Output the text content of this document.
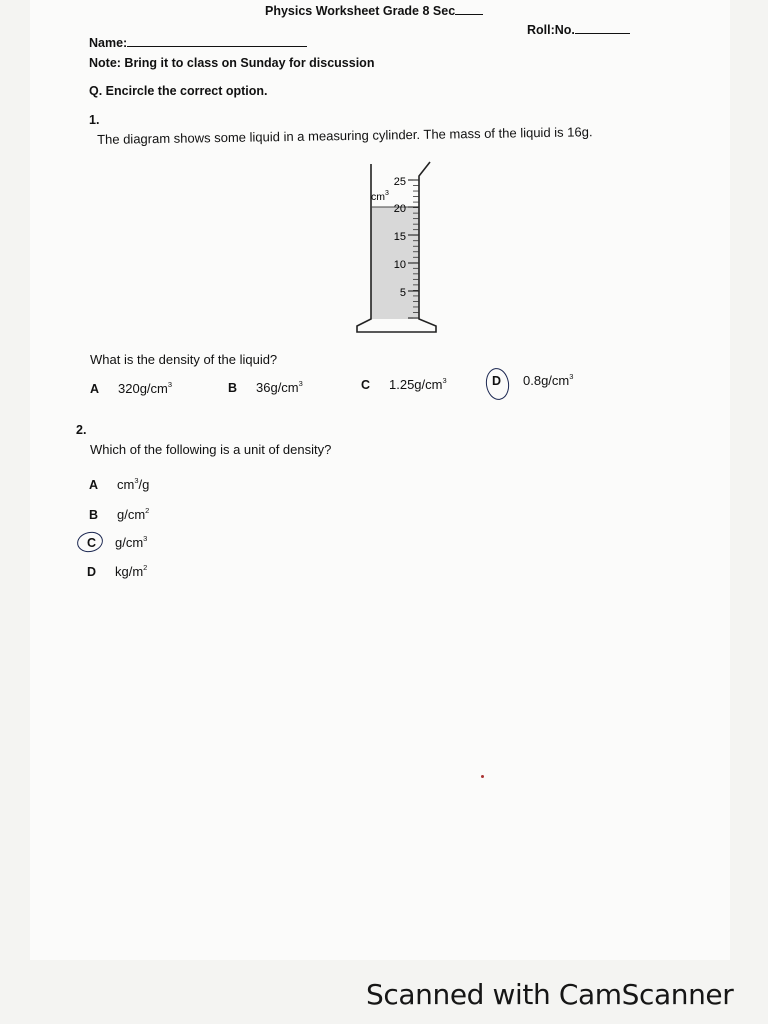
Physics Worksheet Grade 8 Sec
Roll:No.
Name:
Note: Bring it to class on Sunday for discussion
Q. Encircle the correct option.
1.
The diagram shows some liquid in a measuring cylinder. The mass of the liquid is 16g.
25
$cm^3$
20
15
10
5
What is the density of the liquid?
A $320g/cm^3$	B $36g/cm^3$	C $1.25g/cm^3$	D $0.8g/cm^3$
2.
Which of the following is a unit of density?
A $cm^3/g$
B $g/cm^2$
C $g/cm^3$
D $kg/m^2$
Scanned with CamScanner
